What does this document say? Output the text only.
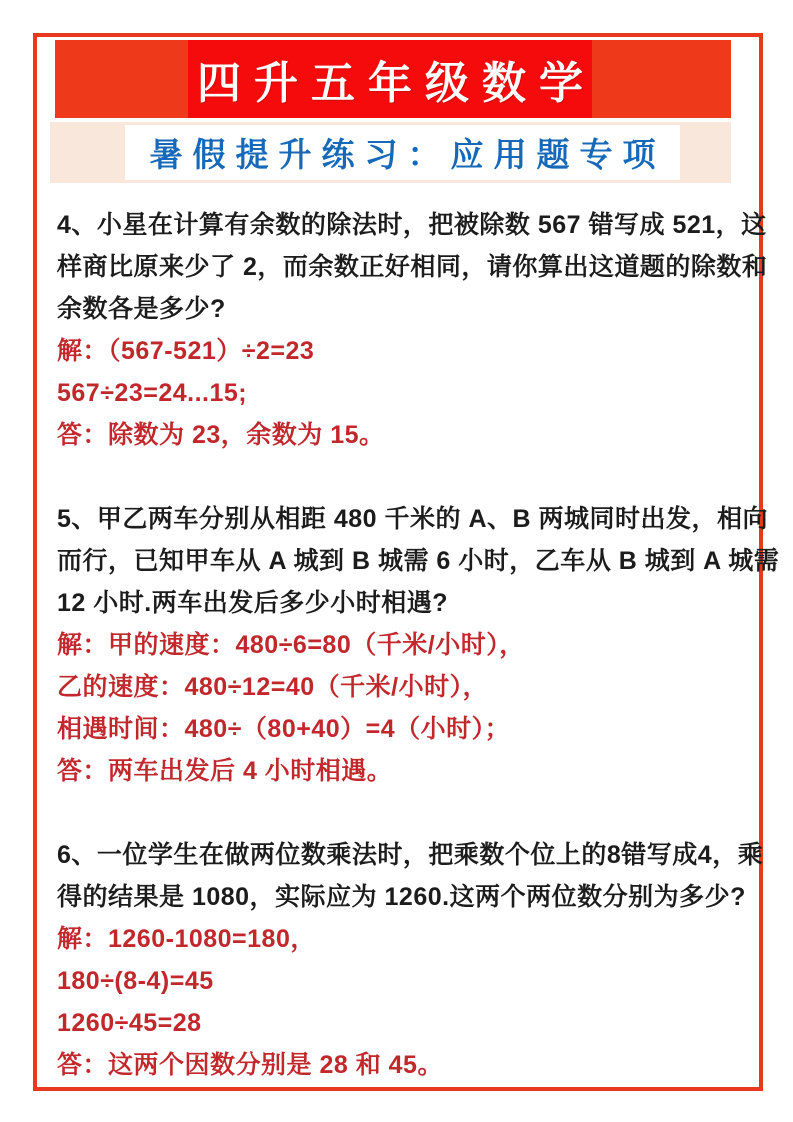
四升五年级数学
暑假提升练习：应用题专项
4、小星在计算有余数的除法时，把被除数 567 错写成 521，这
样商比原来少了 2，而余数正好相同，请你算出这道题的除数和
余数各是多少?
解：（567-521）÷2=23
567÷23=24...15;
答：除数为 23，余数为 15。
5、甲乙两车分别从相距 480 千米的 A、B 两城同时出发，相向
而行，已知甲车从 A 城到 B 城需 6 小时，乙车从 B 城到 A 城需
12 小时.两车出发后多少小时相遇?
解：甲的速度：480÷6=80（千米/小时），
乙的速度：480÷12=40（千米/小时），
相遇时间：480÷（80+40）=4（小时）；
答：两车出发后 4 小时相遇。
6、一位学生在做两位数乘法时，把乘数个位上的8错写成4，乘
得的结果是 1080，实际应为 1260.这两个两位数分别为多少?
解：1260-1080=180，
180÷(8-4)=45
1260÷45=28
答：这两个因数分别是 28 和 45。
